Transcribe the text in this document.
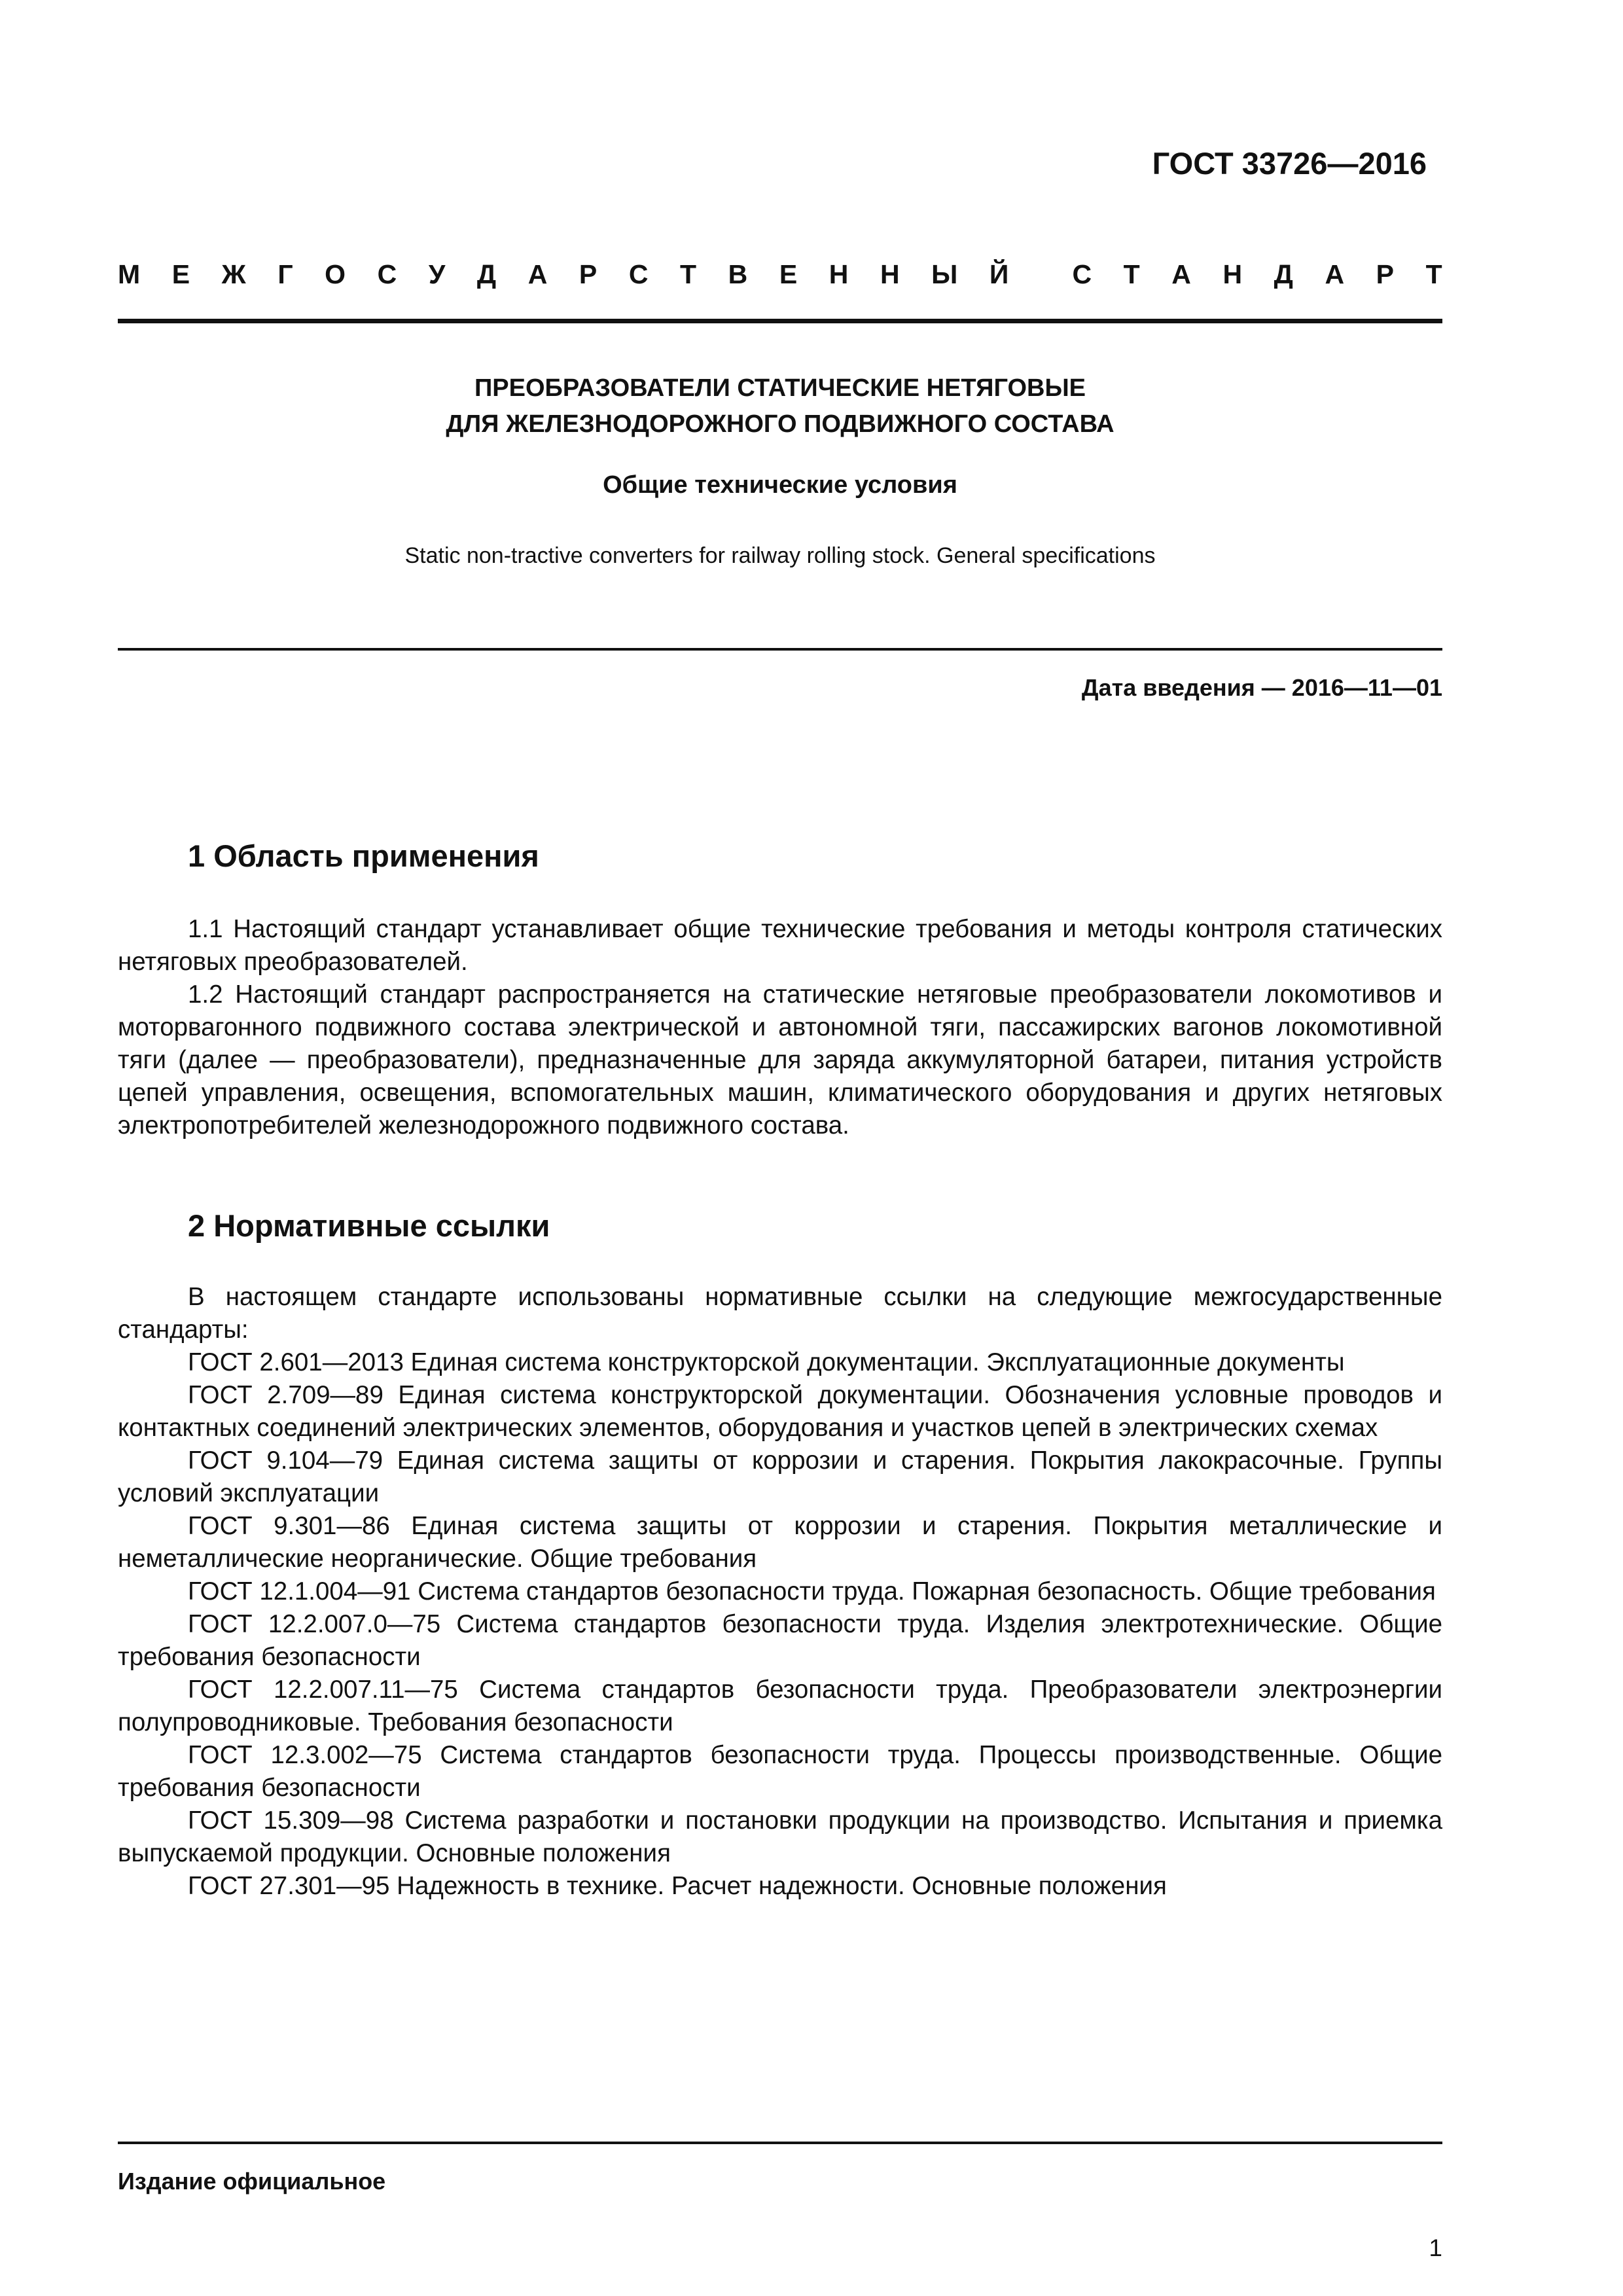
ГОСТ 33726—2016
М Е Ж Г О С У Д А Р С Т В Е Н Н Ы Й С Т А Н Д А Р Т
ПРЕОБРАЗОВАТЕЛИ СТАТИЧЕСКИЕ НЕТЯГОВЫЕ
ДЛЯ ЖЕЛЕЗНОДОРОЖНОГО ПОДВИЖНОГО СОСТАВА
Общие технические условия
Static non-tractive converters for railway rolling stock. General specifications
Дата введения — 2016—11—01
1 Область применения

1.1 Настоящий стандарт устанавливает общие технические требования и методы контроля статических нетяговых преобразователей.

1.2 Настоящий стандарт распространяется на статические нетяговые преобразователи локомотивов и моторвагонного подвижного состава электрической и автономной тяги, пассажирских вагонов локомотивной тяги (далее — преобразователи), предназначенные для заряда аккумуляторной батареи, питания устройств цепей управления, освещения, вспомогательных машин, климатического оборудования и других нетяговых электропотребителей железнодорожного подвижного состава.

2 Нормативные ссылки

В настоящем стандарте использованы нормативные ссылки на следующие межгосударственные стандарты:

ГОСТ 2.601—2013 Единая система конструкторской документации. Эксплуатационные документы

ГОСТ 2.709—89 Единая система конструкторской документации. Обозначения условные проводов и контактных соединений электрических элементов, оборудования и участков цепей в электрических схемах

ГОСТ 9.104—79 Единая система защиты от коррозии и старения. Покрытия лакокрасочные. Группы условий эксплуатации

ГОСТ 9.301—86 Единая система защиты от коррозии и старения. Покрытия металлические и неметаллические неорганические. Общие требования

ГОСТ 12.1.004—91 Система стандартов безопасности труда. Пожарная безопасность. Общие требования

ГОСТ 12.2.007.0—75 Система стандартов безопасности труда. Изделия электротехнические. Общие требования безопасности

ГОСТ 12.2.007.11—75 Система стандартов безопасности труда. Преобразователи электроэнергии полупроводниковые. Требования безопасности

ГОСТ 12.3.002—75 Система стандартов безопасности труда. Процессы производственные. Общие требования безопасности

ГОСТ 15.309—98 Система разработки и постановки продукции на производство. Испытания и приемка выпускаемой продукции. Основные положения

ГОСТ 27.301—95 Надежность в технике. Расчет надежности. Основные положения

Издание официальное
1
